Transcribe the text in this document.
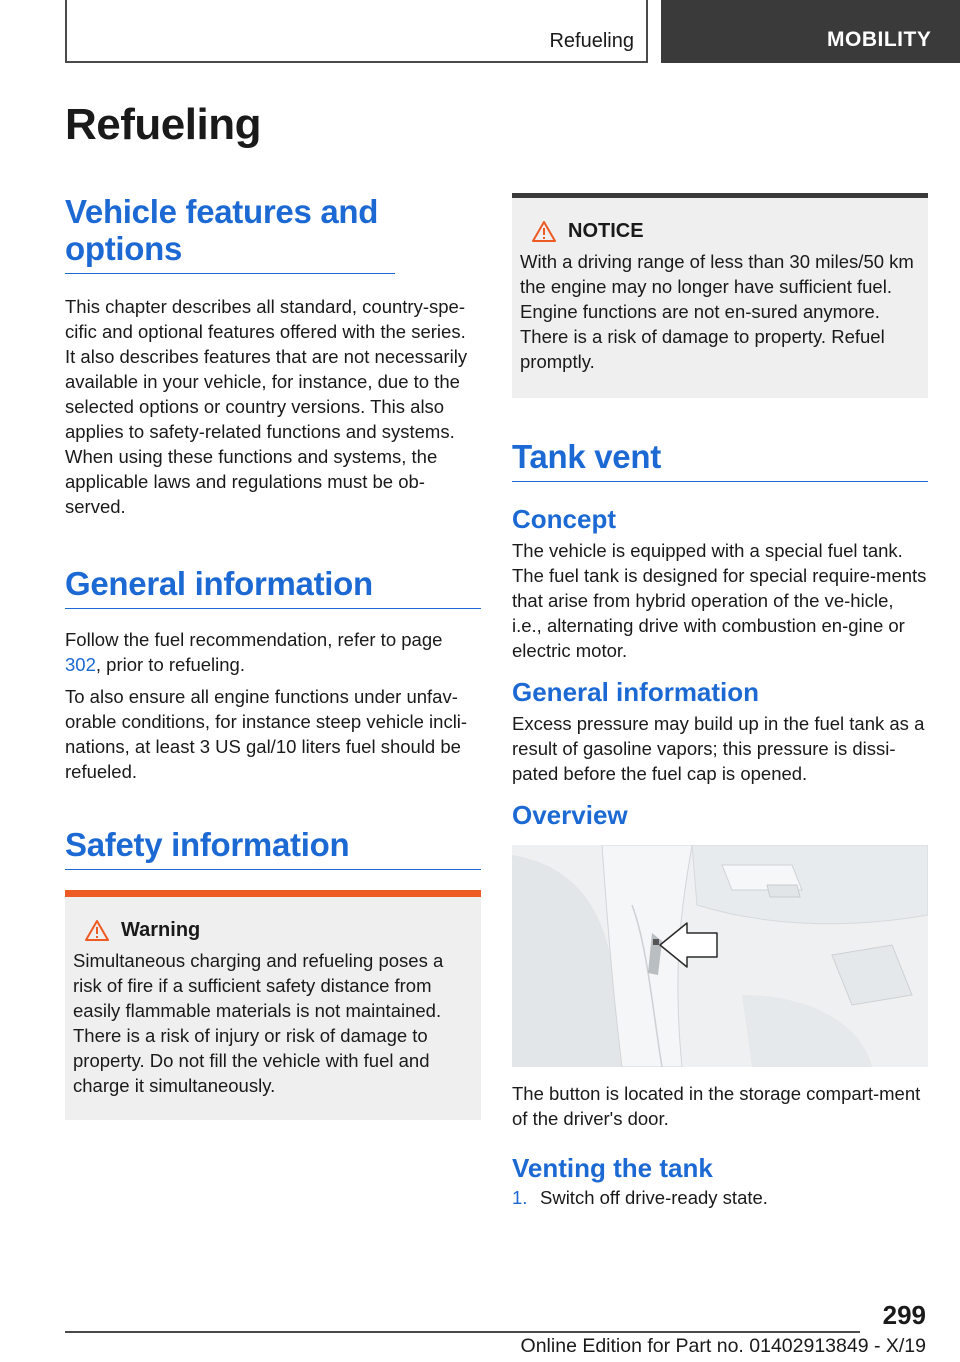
Refueling	MOBILITY
Refueling
Vehicle features and options

This chapter describes all standard, country-spe-cific and optional features offered with the series. It also describes features that are not necessarily available in your vehicle, for instance, due to the selected options or country versions. This also applies to safety-related functions and systems. When using these functions and systems, the applicable laws and regulations must be ob-served.

General information

Follow the fuel recommendation, refer to page 302, prior to refueling.

To also ensure all engine functions under unfav-orable conditions, for instance steep vehicle incli-nations, at least 3 US gal/10 liters fuel should be refueled.

Safety information
Warning

Simultaneous charging and refueling poses a risk of fire if a sufficient safety distance from easily flammable materials is not maintained. There is a risk of injury or risk of damage to property. Do not fill the vehicle with fuel and charge it simultaneously.

NOTICE

With a driving range of less than 30 miles/50 km the engine may no longer have sufficient fuel. Engine functions are not en-sured anymore. There is a risk of damage to property. Refuel promptly.

Tank vent
Concept

The vehicle is equipped with a special fuel tank. The fuel tank is designed for special require-ments that arise from hybrid operation of the ve-hicle, i.e., alternating drive with combustion en-gine or electric motor.

General information

Excess pressure may build up in the fuel tank as a result of gasoline vapors; this pressure is dissi-pated before the fuel cap is opened.

Overview

The button is located in the storage compart-ment of the driver's door.

Venting the tank
1. Switch off drive-ready state.
299
Online Edition for Part no. 01402913849 - X/19
